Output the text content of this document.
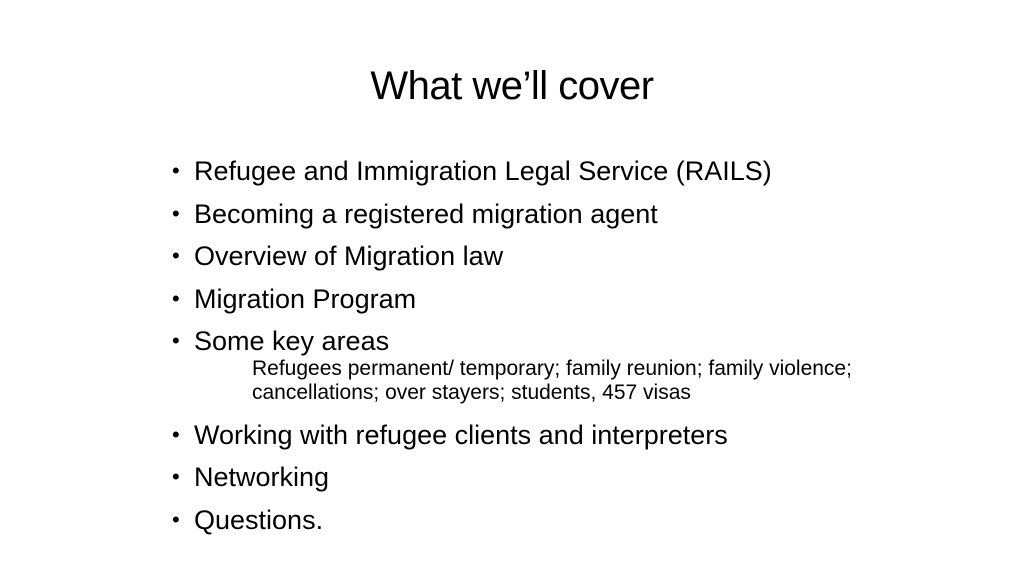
What we’ll cover
• Refugee and Immigration Legal Service (RAILS)
• Becoming a registered migration agent
• Overview of Migration law
• Migration Program
• Some key areas
Refugees permanent/ temporary; family reunion; family violence;
cancellations; over stayers; students, 457 visas
• Working with refugee clients and interpreters
• Networking
• Questions.
